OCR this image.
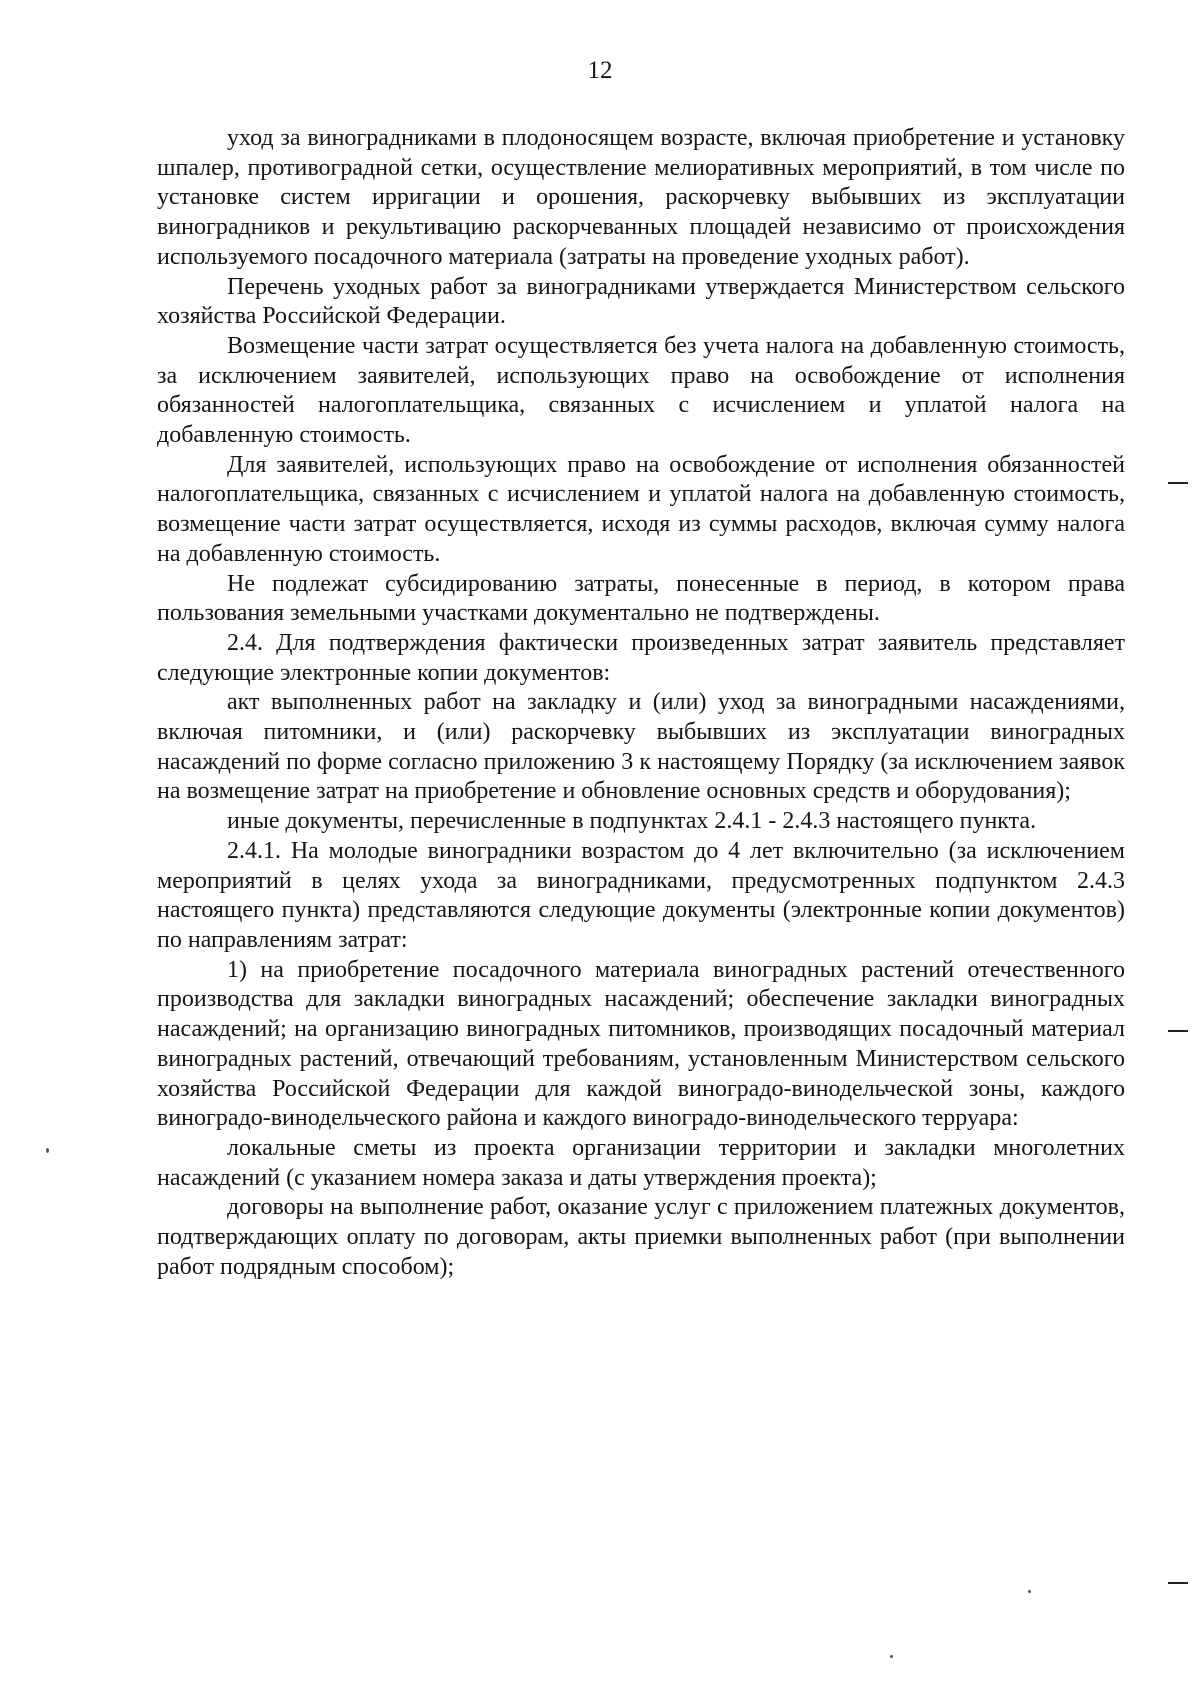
12

уход за виноградниками в плодоносящем возрасте, включая приобретение и установку шпалер, противоградной сетки, осуществление мелиоративных мероприятий, в том числе по установке систем ирригации и орошения, раскорчевку выбывших из эксплуатации виноградников и рекультивацию раскорчеванных площадей независимо от происхождения используемого посадочного материала (затраты на проведение уходных работ).

Перечень уходных работ за виноградниками утверждается Министерством сельского хозяйства Российской Федерации.

Возмещение части затрат осуществляется без учета налога на добавленную стоимость, за исключением заявителей, использующих право на освобождение от исполнения обязанностей налогоплательщика, связанных с исчислением и уплатой налога на добавленную стоимость.

Для заявителей, использующих право на освобождение от исполнения обязанностей налогоплательщика, связанных с исчислением и уплатой налога на добавленную стоимость, возмещение части затрат осуществляется, исходя из суммы расходов, включая сумму налога на добавленную стоимость.

Не подлежат субсидированию затраты, понесенные в период, в котором права пользования земельными участками документально не подтверждены.

2.4. Для подтверждения фактически произведенных затрат заявитель представляет следующие электронные копии документов:

акт выполненных работ на закладку и (или) уход за виноградными насаждениями, включая питомники, и (или) раскорчевку выбывших из эксплуатации виноградных насаждений по форме согласно приложению 3 к настоящему Порядку (за исключением заявок на возмещение затрат на приобретение и обновление основных средств и оборудования);

иные документы, перечисленные в подпунктах 2.4.1 - 2.4.3 настоящего пункта.

2.4.1. На молодые виноградники возрастом до 4 лет включительно (за исключением мероприятий в целях ухода за виноградниками, предусмотренных подпунктом 2.4.3 настоящего пункта) представляются следующие документы (электронные копии документов) по направлениям затрат:

1) на приобретение посадочного материала виноградных растений отечественного производства для закладки виноградных насаждений; обеспечение закладки виноградных насаждений; на организацию виноградных питомников, производящих посадочный материал виноградных растений, отвечающий требованиям, установленным Министерством сельского хозяйства Российской Федерации для каждой виноградо-винодельческой зоны, каждого виноградо-винодельческого района и каждого виноградо-винодельческого терруара:

локальные сметы из проекта организации территории и закладки многолетних насаждений (с указанием номера заказа и даты утверждения проекта);

договоры на выполнение работ, оказание услуг с приложением платежных документов, подтверждающих оплату по договорам, акты приемки выполненных работ (при выполнении работ подрядным способом);
